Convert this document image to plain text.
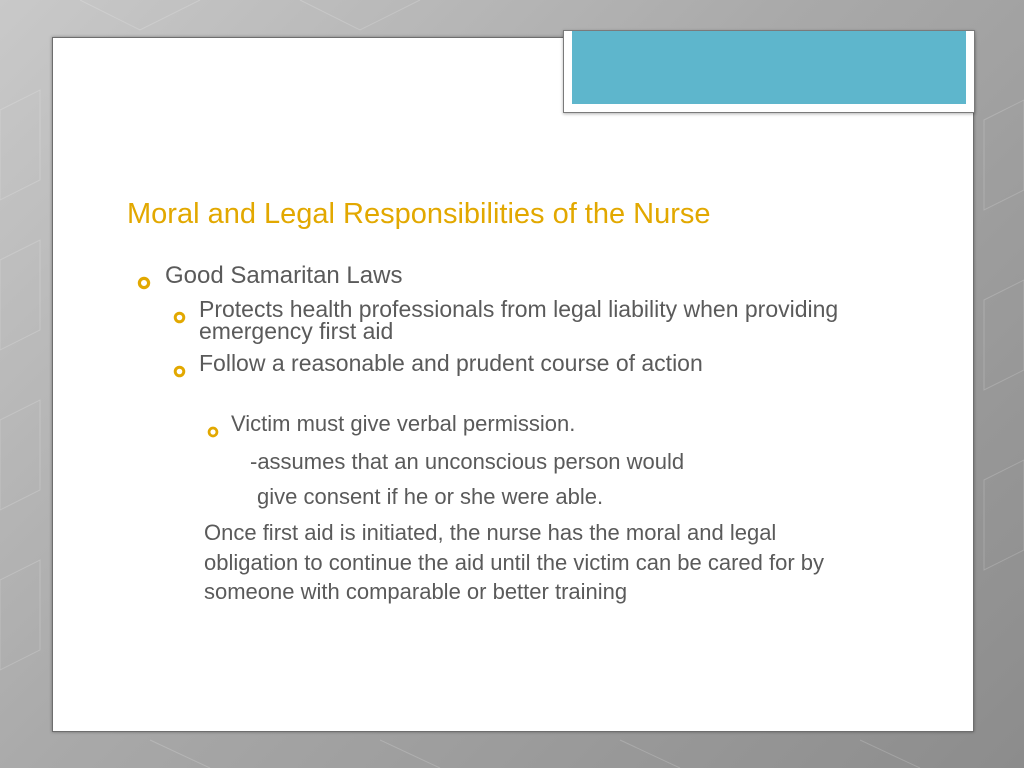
Moral and Legal Responsibilities of the Nurse
Good Samaritan Laws
Protects health professionals from legal liability when providing emergency first aid
Follow a reasonable and prudent course of action
Victim must give verbal permission.

-assumes that an unconscious person would

give consent if he or she were able.

Once first aid is initiated, the nurse has the moral and legal obligation to continue the aid until the victim can be cared for by someone with comparable or better training
